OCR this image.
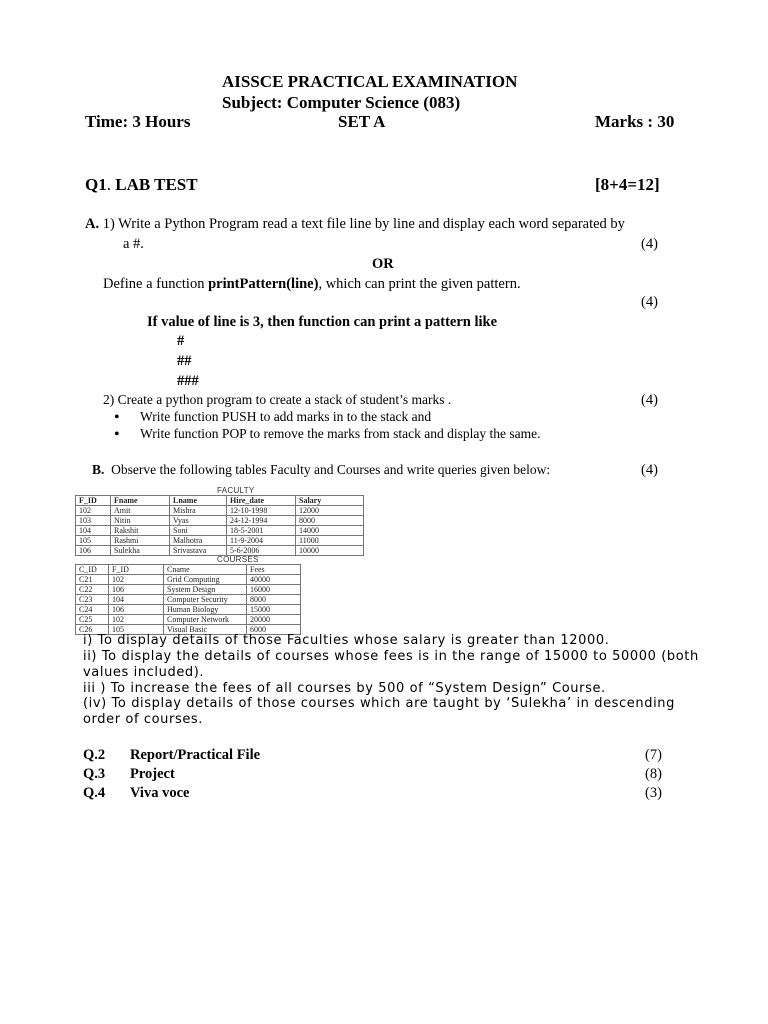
AISSCE PRACTICAL EXAMINATION
Subject: Computer Science (083)
Time: 3 Hours	SET A	Marks : 30
Q1. LAB TEST	[8+4=12]
A. 1) Write a Python Program read a text file line by line and display each word separated by
a #.	(4)
OR
Define a function printPattern(line), which can print the given pattern.
(4)
If value of line is 3, then function can print a pattern like
#
##
###
2) Create a python program to create a stack of student’s marks .	(4)
• Write function PUSH to add marks in to the stack and
• Write function POP to remove the marks from stack and display the same.
B. Observe the following tables Faculty and Courses and write queries given below:	(4)
FACULTY
F_ID	Fname	Lname	Hire_date	Salary
102	Amit	Mishra	12-10-1998	12000
103	Nitin	Vyas	24-12-1994	8000
104	Rakshit	Soni	18-5-2001	14000
105	Rashmi	Malhotra	11-9-2004	11000
106	Sulekha	Srivastava	5-6-2006	10000
COURSES
C_ID	F_ID	Cname	Fees
C21	102	Grid Computing	40000
C22	106	System Design	16000
C23	104	Computer Security	8000
C24	106	Human Biology	15000
C25	102	Computer Network	20000
C26	105	Visual Basic	6000
i) To display details of those Faculties whose salary is greater than 12000.
ii) To display the details of courses whose fees is in the range of 15000 to 50000 (both
values included).
iii ) To increase the fees of all courses by 500 of “System Design” Course.
(iv) To display details of those courses which are taught by ‘Sulekha’ in descending
order of courses.
Q.2 Report/Practical File	(7)
Q.3 Project	(8)
Q.4 Viva voce	(3)
